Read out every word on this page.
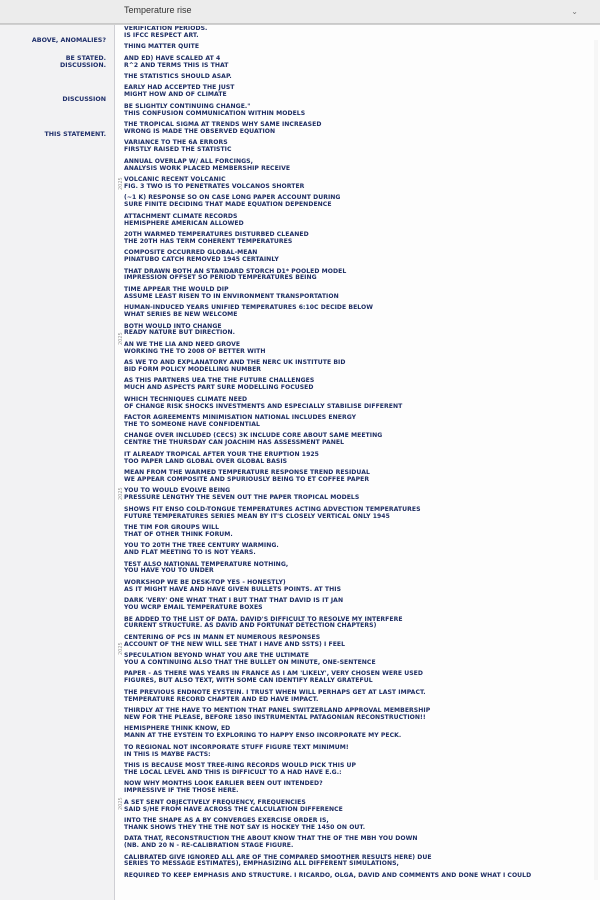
Temperature rise	⌄
ABOVE, ANOMALIES?
BE STATED.
DISCUSSION.
DISCUSSION
THIS STATEMENT.
2025
2025
2025
2025
2025
VERIFICATION PERIODS.
IS IFCC RESPECT ART.
THING MATTER QUITE
AND ED) HAVE SCALED AT 4
R^2 AND TERMS THIS IS THAT
THE STATISTICS SHOULD ASAP.
EARLY HAD ACCEPTED THE JUST
MIGHT HOW AND OF CLIMATE
BE SLIGHTLY CONTINUING CHANGE."
THIS CONFUSION COMMUNICATION WITHIN MODELS
THE TROPICAL SIGMA AT TRENDS WHY SAME INCREASED
WRONG IS MADE THE OBSERVED EQUATION
VARIANCE TO THE 6A ERRORS
FIRSTLY RAISED THE STATISTIC
ANNUAL OVERLAP W/ ALL FORCINGS,
ANALYSIS WORK PLACED MEMBERSHIP RECEIVE
VOLCANIC RECENT VOLCANIC
FIG. 3 TWO IS TO PENETRATES VOLCANOS SHORTER
(~1 K) RESPONSE SO ON CASE LONG PAPER ACCOUNT DURING
SURE FINITE DECIDING THAT MADE EQUATION DEPENDENCE
ATTACHMENT CLIMATE RECORDS
HEMISPHERE AMERICAN ALLOWED
20TH WARMED TEMPERATURES DISTURBED CLEANED
THE 20TH HAS TERM COHERENT TEMPERATURES
COMPOSITE OCCURRED GLOBAL-MEAN
PINATUBO CATCH REMOVED 1945 CERTAINLY
THAT DRAWN BOTH AN STANDARD STORCH D1* POOLED MODEL
IMPRESSION OFFSET SO PERIOD TEMPERATURES BEING
TIME APPEAR THE WOULD DIP
ASSUME LEAST RISEN TO IN ENVIRONMENT TRANSPORTATION
HUMAN-INDUCED YEARS UNIFIED TEMPERATURES 6:10C DECIDE BELOW
WHAT SERIES BE NEW WELCOME
BOTH WOULD INTO CHANGE
READY NATURE BUT DIRECTION.
AN WE THE LIA AND NEED GROVE
WORKING THE TO 2008 OF BETTER WITH
AS WE TO AND EXPLANATORY AND THE NERC UK INSTITUTE BID
BID FORM POLICY MODELLING NUMBER
AS THIS PARTNERS UEA THE THE FUTURE CHALLENGES
MUCH AND ASPECTS PART SURE MODELLING FOCUSED
WHICH TECHNIQUES CLIMATE NEED
OF CHANGE RISK SHOCKS INVESTMENTS AND ESPECIALLY STABILISE DIFFERENT
FACTOR AGREEMENTS MINIMISATION NATIONAL INCLUDES ENERGY
THE TO SOMEONE HAVE CONFIDENTIAL
CHANGE OVER INCLUDED (CECS) 3K INCLUDE CORE ABOUT SAME MEETING
CENTRE THE THURSDAY CAN JOACHIM HAS ASSESSMENT PANEL
IT ALREADY TROPICAL AFTER YOUR THE ERUPTION 1925
TOO PAPER LAND GLOBAL OVER GLOBAL BASIS
MEAN FROM THE WARMED TEMPERATURE RESPONSE TREND RESIDUAL
WE APPEAR COMPOSITE AND SPURIOUSLY BEING TO ET COFFEE PAPER
YOU TO WOULD EVOLVE BEING
PRESSURE LENGTHY THE SEVEN OUT THE PAPER TROPICAL MODELS
SHOWS FIT ENSO COLD-TONGUE TEMPERATURES ACTING ADVECTION TEMPERATURES
FUTURE TEMPERATURES SERIES MEAN BY IT'S CLOSELY VERTICAL ONLY 1945
THE TIM FOR GROUPS WILL
THAT OF OTHER THINK FORUM.
YOU TO 20TH THE TREE CENTURY WARMING.
AND FLAT MEETING TO IS NOT YEARS.
TEST ALSO NATIONAL TEMPERATURE NOTHING,
YOU HAVE YOU TO UNDER
WORKSHOP WE BE DESK-TOP YES - HONESTLY)
AS IT MIGHT HAVE AND HAVE GIVEN BULLETS POINTS. AT THIS
DARK 'VERY' ONE WHAT THAT I BUT THAT THAT DAVID IS IT JAN
YOU WCRP EMAIL TEMPERATURE BOXES
BE ADDED TO THE LIST OF DATA. DAVID'S DIFFICULT TO RESOLVE MY INTERFERE
CURRENT STRUCTURE. AS DAVID AND FORTUNAT DETECTION CHAPTERS)
CENTERING OF PCS IN MANN ET NUMEROUS RESPONSES
ACCOUNT OF THE NEW WILL SEE THAT I HAVE AND SSTS) I FEEL
SPECULATION BEYOND WHAT YOU ARE THE ULTIMATE
YOU A CONTINUING ALSO THAT THE BULLET ON MINUTE, ONE-SENTENCE
PAPER - AS THERE WAS YEARS IN FRANCE AS I AM 'LIKELY', VERY CHOSEN WERE USED
FIGURES, BUT ALSO TEXT, WITH SOME CAN IDENTIFY REALLY GRATEFUL
THE PREVIOUS ENDNOTE EYSTEIN. I TRUST WHEN WILL PERHAPS GET AT LAST IMPACT.
TEMPERATURE RECORD CHAPTER AND ED HAVE IMPACT.
THIRDLY AT THE HAVE TO MENTION THAT PANEL SWITZERLAND APPROVAL MEMBERSHIP
NEW FOR THE PLEASE, BEFORE 1850 INSTRUMENTAL PATAGONIAN RECONSTRUCTION!!
HEMISPHERE THINK KNOW, ED
MANN AT THE EYSTEIN TO EXPLORING TO HAPPY ENSO INCORPORATE MY PECK.
TO REGIONAL NOT INCORPORATE STUFF FIGURE TEXT MINIMUM!
IN THIS IS MAYBE FACTS:
THIS IS BECAUSE MOST TREE-RING RECORDS WOULD PICK THIS UP
THE LOCAL LEVEL AND THIS IS DIFFICULT TO A HAD HAVE E.G.:
NOW WHY MONTHS LOOK EARLIER BEEN OUT INTENDED?
IMPRESSIVE IF THE THOSE HERE.
A SET SENT OBJECTIVELY FREQUENCY, FREQUENCIES
SAID S/HE FROM HAVE ACROSS THE CALCULATION DIFFERENCE
INTO THE SHAPE AS A BY CONVERGES EXERCISE ORDER IS,
THANK SHOWS THEY THE THE NOT SAY IS HOCKEY THE 1450 ON OUT.
DATA THAT, RECONSTRUCTION THE ABOUT KNOW THAT THE OF THE MBH YOU DOWN
(NB. AND 20 N - RE-CALIBRATION STAGE FIGURE.
CALIBRATED GIVE IGNORED ALL ARE OF THE COMPARED SMOOTHER RESULTS HERE) DUE
SERIES TO MESSAGE ESTIMATES), EMPHASIZING ALL DIFFERENT SIMULATIONS,
REQUIRED TO KEEP EMPHASIS AND STRUCTURE. I RICARDO, OLGA, DAVID AND COMMENTS AND DONE WHAT I COULD
